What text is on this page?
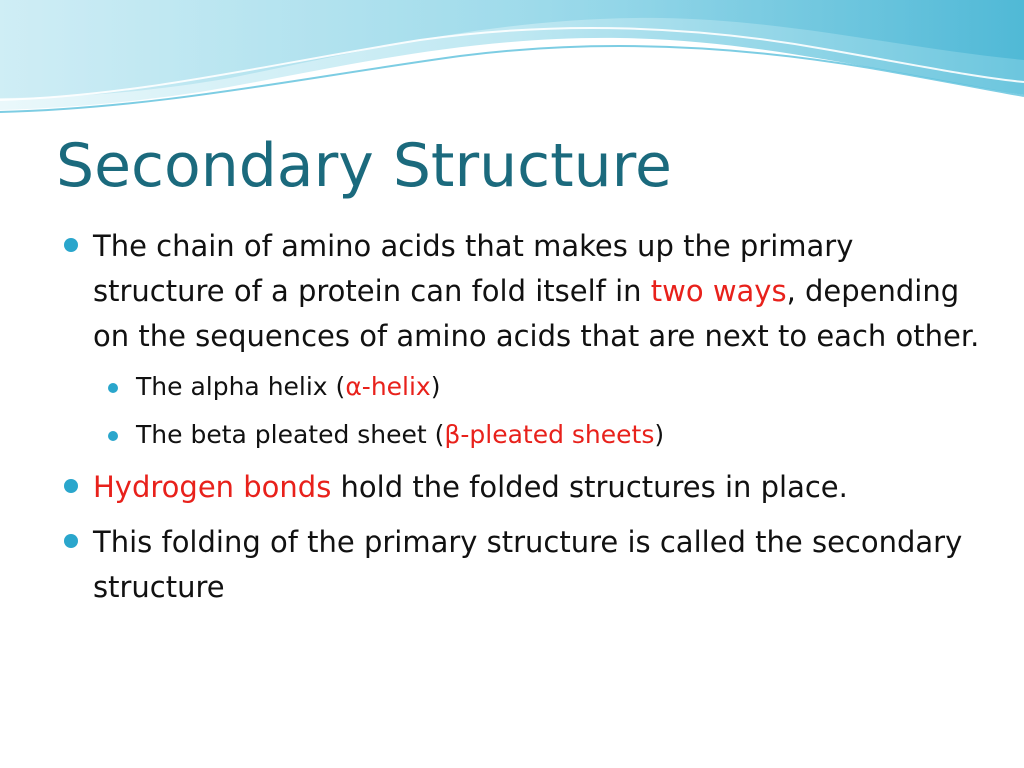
Secondary Structure

The chain of amino acids that makes up the primary structure of a protein can fold itself in two ways, depending on the sequences of amino acids that are next to each other.

The alpha helix (α-helix)
The beta pleated sheet (β-pleated sheets)

Hydrogen bonds hold the folded structures in place.

This folding of the primary structure is called the secondary structure
